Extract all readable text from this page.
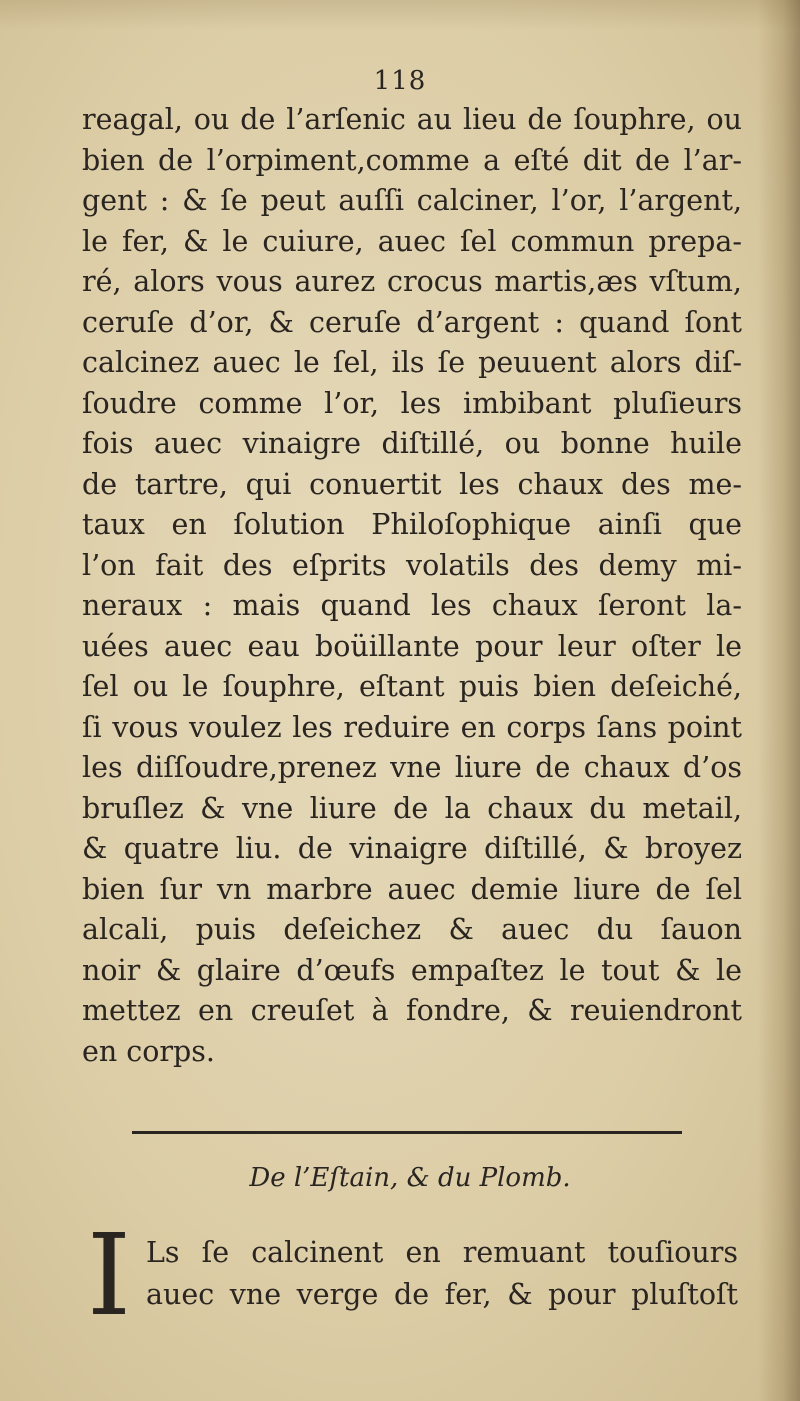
118
reagal, ou de l’arſenic au lieu de ſouphre, ou
bien de l’orpiment,comme a eſté dit de l’ar-
gent : & ſe peut auſſi calciner, l’or, l’argent,
le fer, & le cuiure, auec ſel commun prepa-
ré, alors vous aurez crocus martis,æs vſtum,
ceruſe d’or, & ceruſe d’argent : quand ſont
calcinez auec le ſel, ils ſe peuuent alors diſ-
ſoudre comme l’or, les imbibant pluſieurs
fois auec vinaigre diſtillé, ou bonne huile
de tartre, qui conuertit les chaux des me-
taux en ſolution Philoſophique ainſi que
l’on fait des eſprits volatils des demy mi-
neraux : mais quand les chaux ſeront la-
uées auec eau boüillante pour leur oſter le
ſel ou le ſouphre, eſtant puis bien deſeiché,
ſi vous voulez les reduire en corps ſans point
les diſſoudre,prenez vne liure de chaux d’os
bruſlez & vne liure de la chaux du metail,
& quatre liu. de vinaigre diſtillé, & broyez
bien ſur vn marbre auec demie liure de ſel
alcali, puis deſeichez & auec du ſauon
noir & glaire d’œufs empaſtez le tout & le
mettez en creuſet à fondre, & reuiendront
en corps.
De l’Eſtain, & du Plomb.
I Ls ſe calcinent en remuant touſiours
auec vne verge de fer, & pour pluſtoſt
